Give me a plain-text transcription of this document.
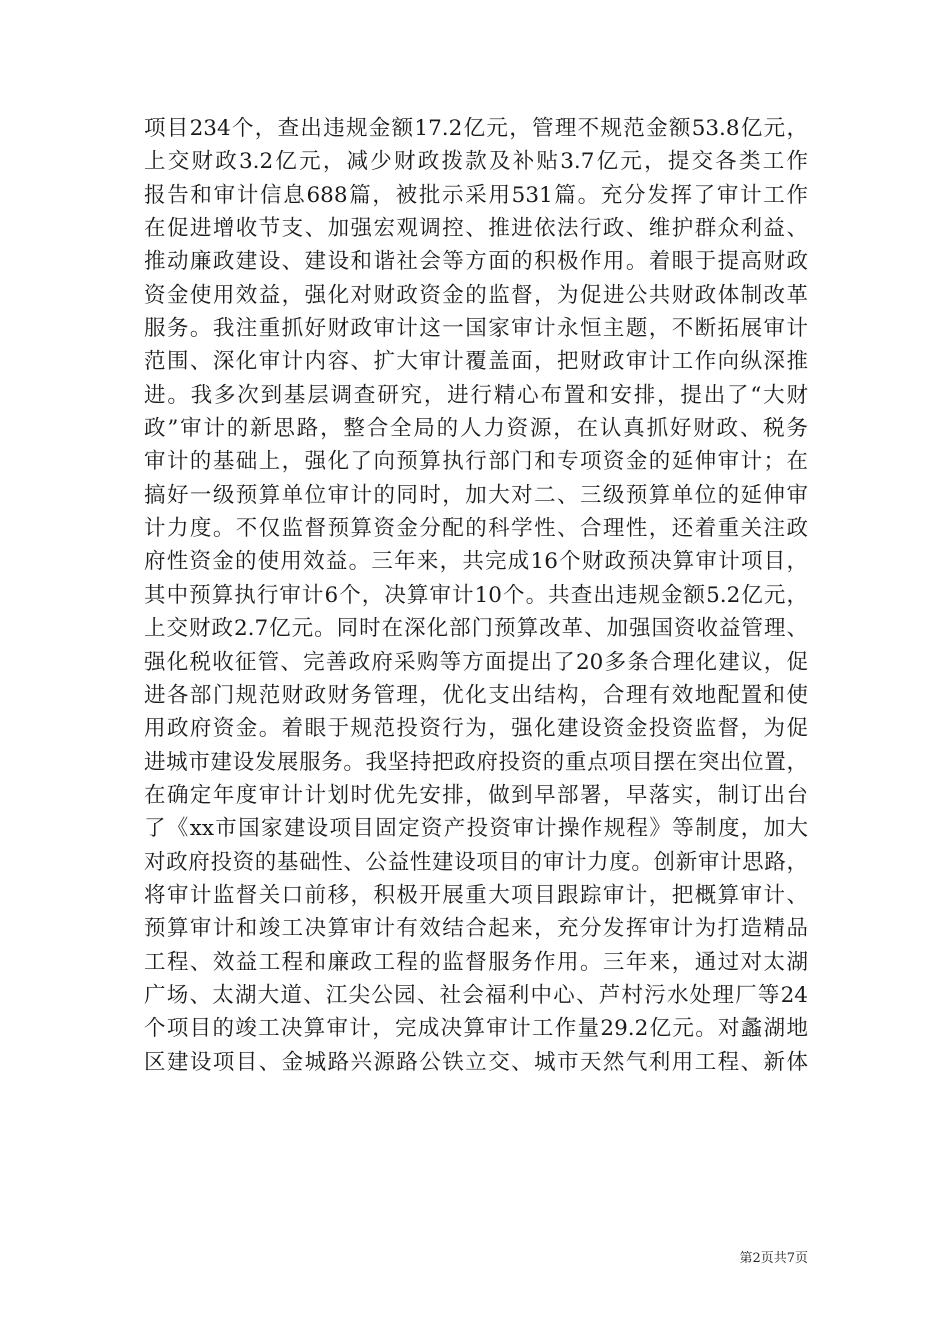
项目234个，查出违规金额17.2亿元，管理不规范金额53.8亿元，
上交财政3.2亿元，减少财政拨款及补贴3.7亿元，提交各类工作
报告和审计信息688篇，被批示采用531篇。充分发挥了审计工作
在促进增收节支、加强宏观调控、推进依法行政、维护群众利益、
推动廉政建设、建设和谐社会等方面的积极作用。着眼于提高财政
资金使用效益，强化对财政资金的监督，为促进公共财政体制改革
服务。我注重抓好财政审计这一国家审计永恒主题，不断拓展审计
范围、深化审计内容、扩大审计覆盖面，把财政审计工作向纵深推
进。我多次到基层调查研究，进行精心布置和安排，提出了“大财
政”审计的新思路，整合全局的人力资源，在认真抓好财政、税务
审计的基础上，强化了向预算执行部门和专项资金的延伸审计；在
搞好一级预算单位审计的同时，加大对二、三级预算单位的延伸审
计力度。不仅监督预算资金分配的科学性、合理性，还着重关注政
府性资金的使用效益。三年来，共完成16个财政预决算审计项目，
其中预算执行审计6个，决算审计10个。共查出违规金额5.2亿元，
上交财政2.7亿元。同时在深化部门预算改革、加强国资收益管理、
强化税收征管、完善政府采购等方面提出了20多条合理化建议，促
进各部门规范财政财务管理，优化支出结构，合理有效地配置和使
用政府资金。着眼于规范投资行为，强化建设资金投资监督，为促
进城市建设发展服务。我坚持把政府投资的重点项目摆在突出位置，
在确定年度审计计划时优先安排，做到早部署，早落实，制订出台
了《xx市国家建设项目固定资产投资审计操作规程》等制度，加大
对政府投资的基础性、公益性建设项目的审计力度。创新审计思路，
将审计监督关口前移，积极开展重大项目跟踪审计，把概算审计、
预算审计和竣工决算审计有效结合起来，充分发挥审计为打造精品
工程、效益工程和廉政工程的监督服务作用。三年来，通过对太湖
广场、太湖大道、江尖公园、社会福利中心、芦村污水处理厂等24
个项目的竣工决算审计，完成决算审计工作量29.2亿元。对蠡湖地
区建设项目、金城路兴源路公铁立交、城市天然气利用工程、新体
第2页共7页
